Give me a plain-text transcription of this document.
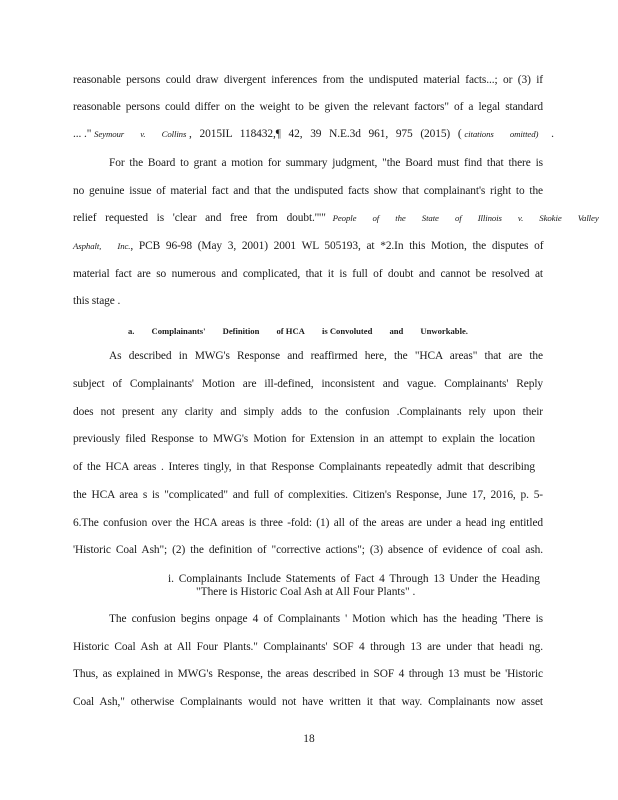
reasonable persons could draw divergent inferences from the undisputed material facts...; or (3) if
reasonable persons could differ on the weight to be given the relevant factors" of a legal standard
... ." Seymour v. Collins , 2015IL 118432,¶ 42, 39 N.E.3d 961, 975 (2015) ( citations omitted) .
For the Board to grant a motion for summary judgment, "the Board must find that there is
no genuine issue of material fact and that the undisputed facts show that complainant's right to the
relief requested is 'clear and free from doubt.'"" People of the State of Illinois v. Skokie Valley
Asphalt, Inc., PCB 96-98 (May 3, 2001) 2001 WL 505193, at *2.In this Motion, the disputes of
material fact are so numerous and complicated, that it is full of doubt and cannot be resolved at
this stage .
a. Complainants' Definition of HCA is Convoluted and Unworkable.
As described in MWG's Response and reaffirmed here, the "HCA areas" that are the
subject of Complainants' Motion are ill-defined, inconsistent and vague. Complainants' Reply
does not present any clarity and simply adds to the confusion .Complainants rely upon their
previously filed Response to MWG's Motion for Extension in an attempt to explain the location
of the HCA areas . Interes tingly, in that Response Complainants repeatedly admit that describing
the HCA area s is "complicated" and full of complexities. Citizen's Response, June 17, 2016, p. 5-
6.The confusion over the HCA areas is three -fold: (1) all of the areas are under a head ing entitled
'Historic Coal Ash"; (2) the definition of "corrective actions"; (3) absence of evidence of coal ash.
i. Complainants Include Statements of Fact 4 Through 13 Under the Heading
"There is Historic Coal Ash at All Four Plants" .
The confusion begins onpage 4 of Complainants ' Motion which has the heading 'There is
Historic Coal Ash at All Four Plants." Complainants' SOF 4 through 13 are under that headi ng.
Thus, as explained in MWG's Response, the areas described in SOF 4 through 13 must be 'Historic
Coal Ash," otherwise Complainants would not have written it that way. Complainants now asset
18
